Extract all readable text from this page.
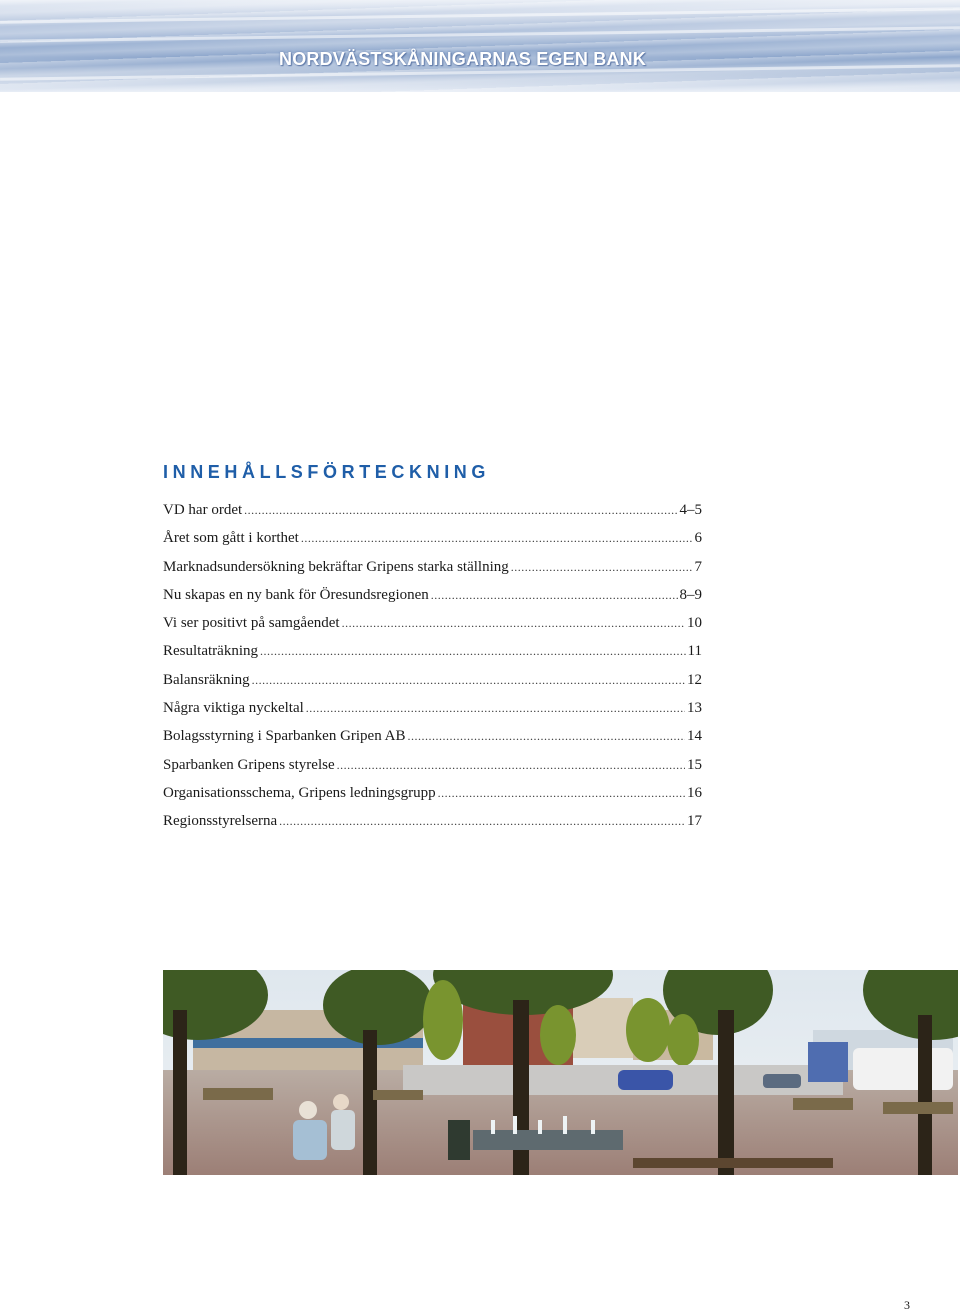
NORDVÄSTSKÅNINGARNAS EGEN BANK
INNEHÅLLSFÖRTECKNING
VD har ordet .....	4–5
Året som gått i korthet .....	6
Marknadsundersökning bekräftar Gripens starka ställning .....	7
Nu skapas en ny bank för Öresundsregionen .....	8–9
Vi ser positivt på samgåendet .....	10
Resultaträkning .....	11
Balansräkning .....	12
Några viktiga nyckeltal .....	13
Bolagsstyrning i Sparbanken Gripen AB .....	14
Sparbanken Gripens styrelse .....	15
Organisationsschema, Gripens ledningsgrupp .....	16
Regionsstyrelserna .....	17
3
